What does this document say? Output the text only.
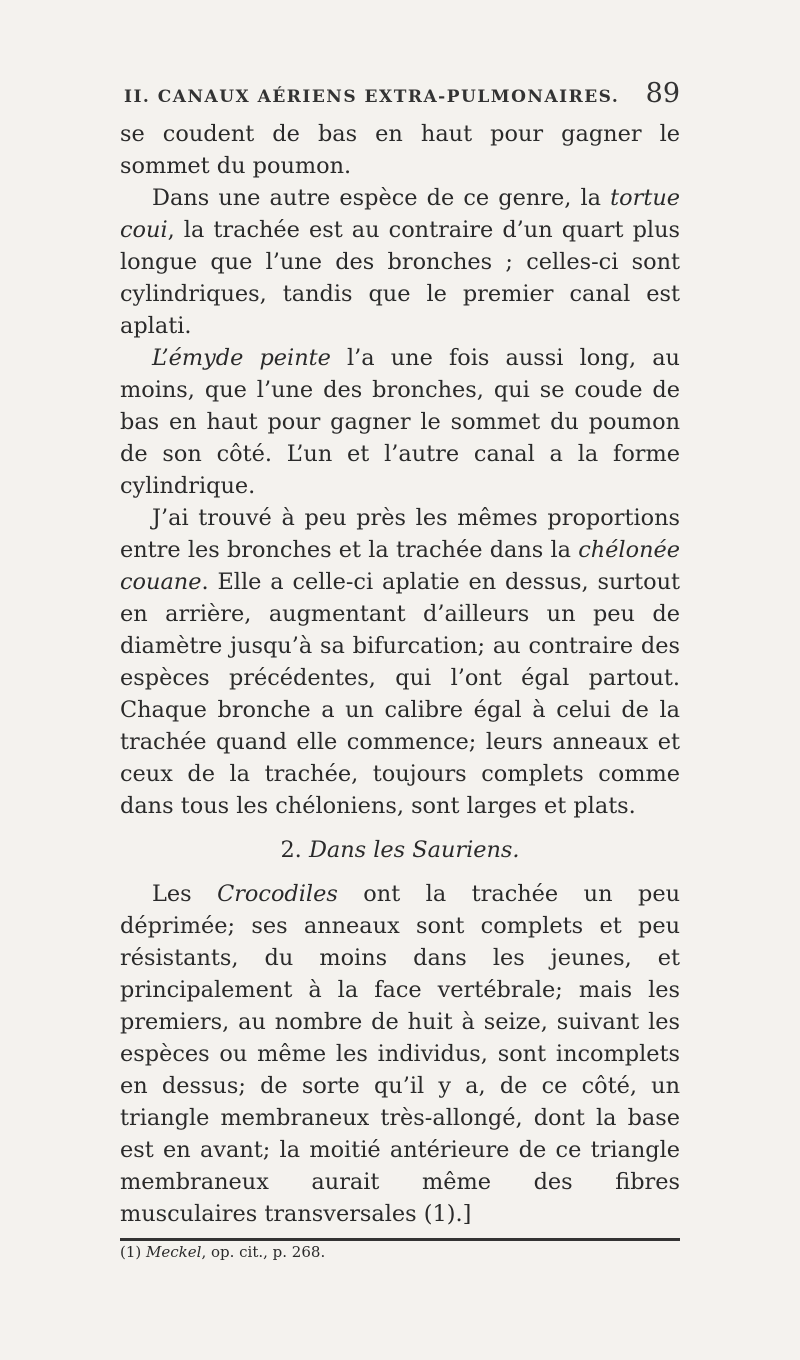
II. CANAUX AÉRIENS EXTRA-PULMONAIRES. 89

se coudent de bas en haut pour gagner le sommet du poumon.

Dans une autre espèce de ce genre, la tortue coui, la trachée est au contraire d’un quart plus longue que l’une des bronches ; celles-ci sont cylindriques, tandis que le premier canal est aplati.

L’émyde peinte l’a une fois aussi long, au moins, que l’une des bronches, qui se coude de bas en haut pour gagner le sommet du poumon de son côté. L’un et l’autre canal a la forme cylindrique.

J’ai trouvé à peu près les mêmes proportions entre les bronches et la trachée dans la chélonée couane. Elle a celle-ci aplatie en dessus, surtout en arrière, augmentant d’ailleurs un peu de diamètre jusqu’à sa bifurcation; au contraire des espèces précédentes, qui l’ont égal partout. Chaque bronche a un calibre égal à celui de la trachée quand elle commence; leurs anneaux et ceux de la trachée, toujours complets comme dans tous les chéloniens, sont larges et plats.

2. Dans les Sauriens.

Les Crocodiles ont la trachée un peu déprimée; ses anneaux sont complets et peu résistants, du moins dans les jeunes, et principalement à la face vertébrale; mais les premiers, au nombre de huit à seize, suivant les espèces ou même les individus, sont incomplets en dessus; de sorte qu’il y a, de ce côté, un triangle membraneux très-allongé, dont la base est en avant; la moitié antérieure de ce triangle membraneux aurait même des fibres musculaires transversales (1).]

(1) Meckel, op. cit., p. 268.
